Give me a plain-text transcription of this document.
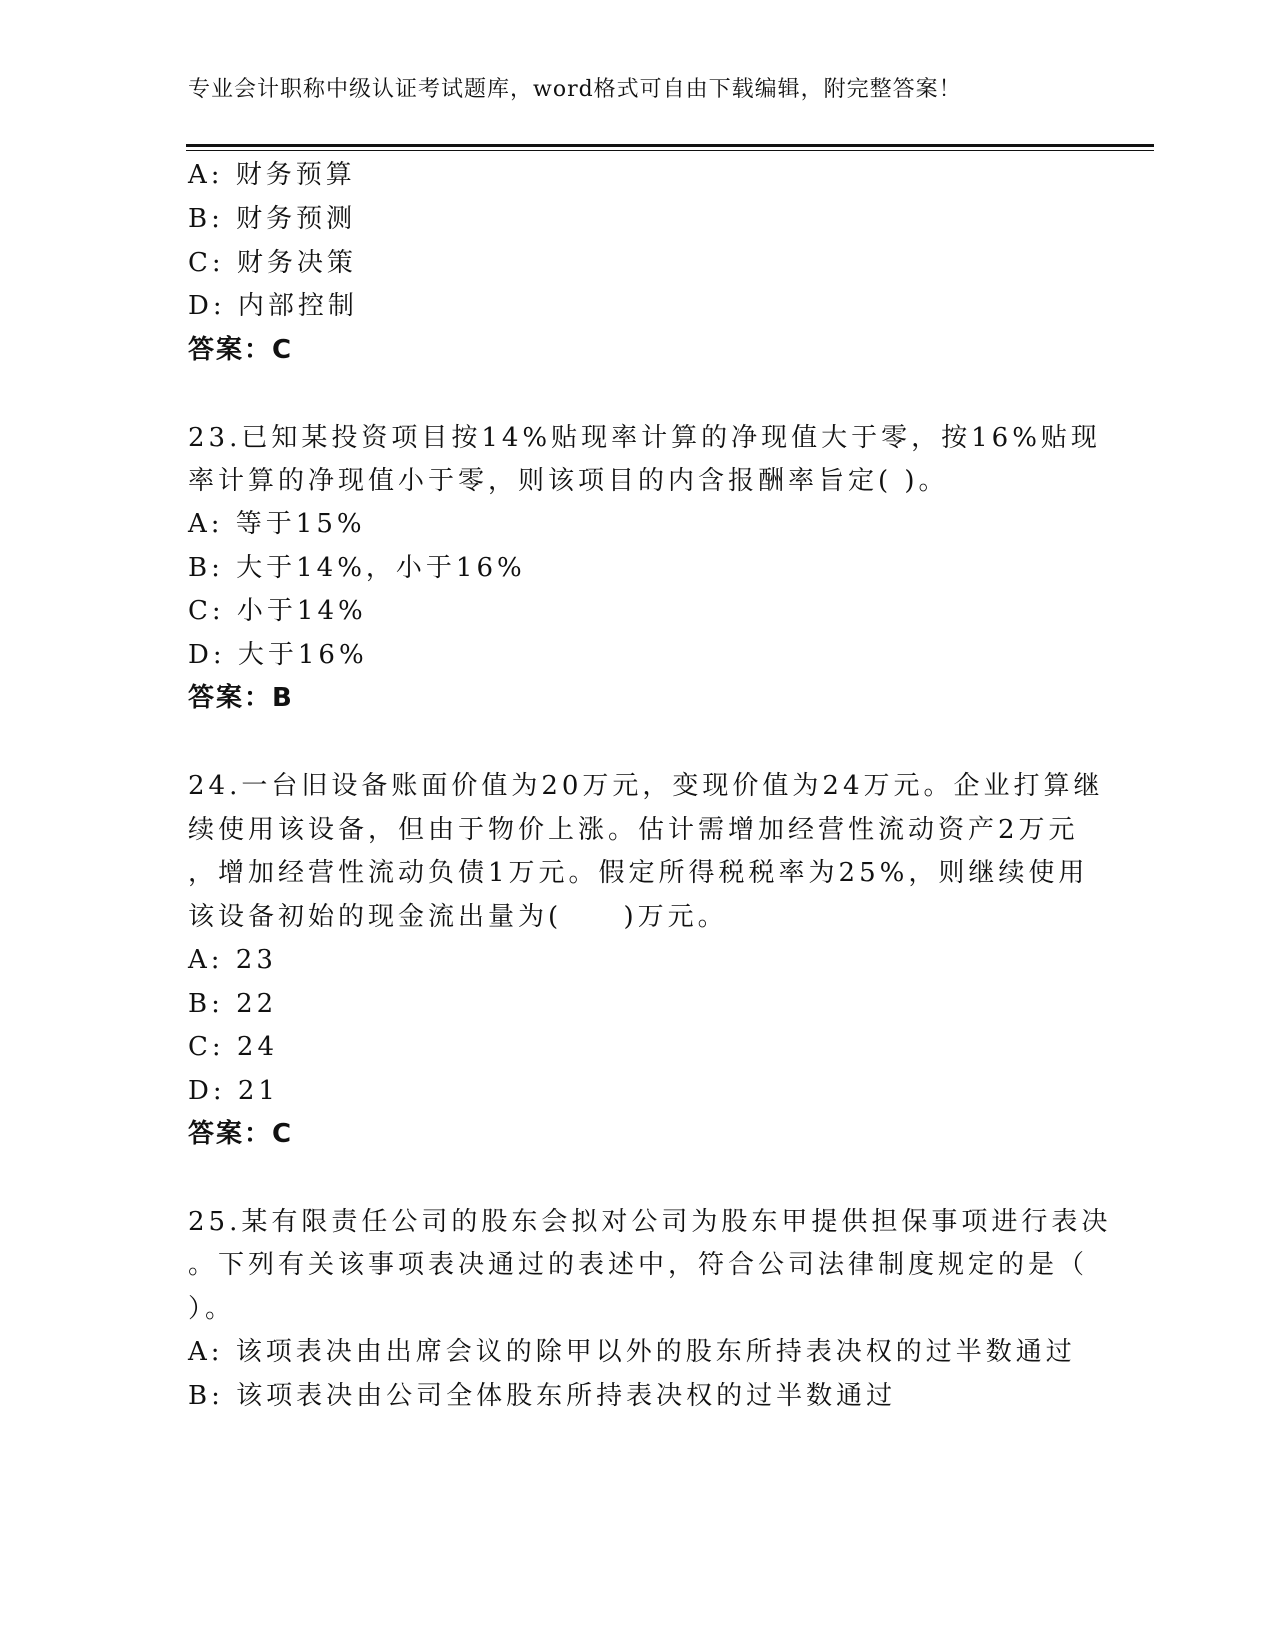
专业会计职称中级认证考试题库，word格式可自由下载编辑，附完整答案！
A: 财务预算
B: 财务预测
C: 财务决策
D: 内部控制
答案：C
23.已知某投资项目按14%贴现率计算的净现值大于零，按16%贴现
率计算的净现值小于零，则该项目的内含报酬率旨定( )。
A: 等于15%
B: 大于14%，小于16%
C: 小于14%
D: 大于16%
答案：B
24.一台旧设备账面价值为20万元，变现价值为24万元。企业打算继
续使用该设备，但由于物价上涨。估计需增加经营性流动资产2万元
，增加经营性流动负债1万元。假定所得税税率为25%，则继续使用
该设备初始的现金流出量为(     )万元。
A: 23
B: 22
C: 24
D: 21
答案：C
25.某有限责任公司的股东会拟对公司为股东甲提供担保事项进行表决
。下列有关该事项表决通过的表述中，符合公司法律制度规定的是（
）。
A: 该项表决由出席会议的除甲以外的股东所持表决权的过半数通过
B: 该项表决由公司全体股东所持表决权的过半数通过
